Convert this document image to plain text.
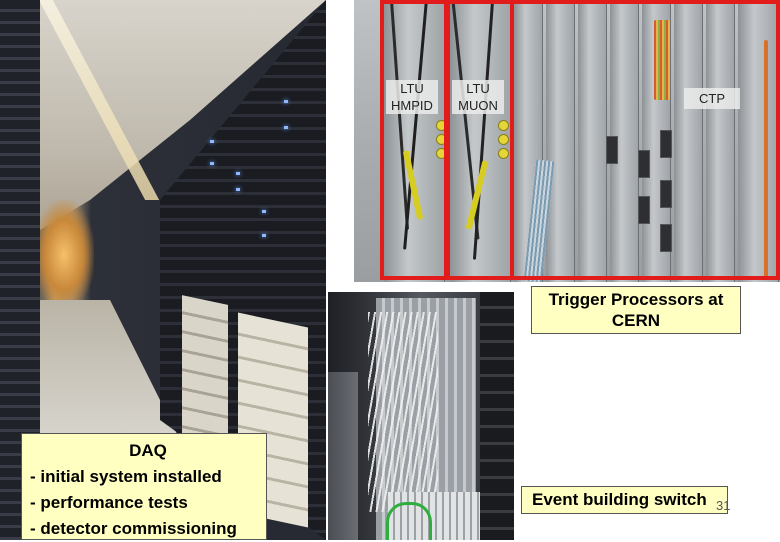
LTU
HMPID
LTU
MUON	CTP
DAQ
- initial system installed
- performance tests
- detector commissioning
Trigger Processors at
CERN
Event building switch 31
